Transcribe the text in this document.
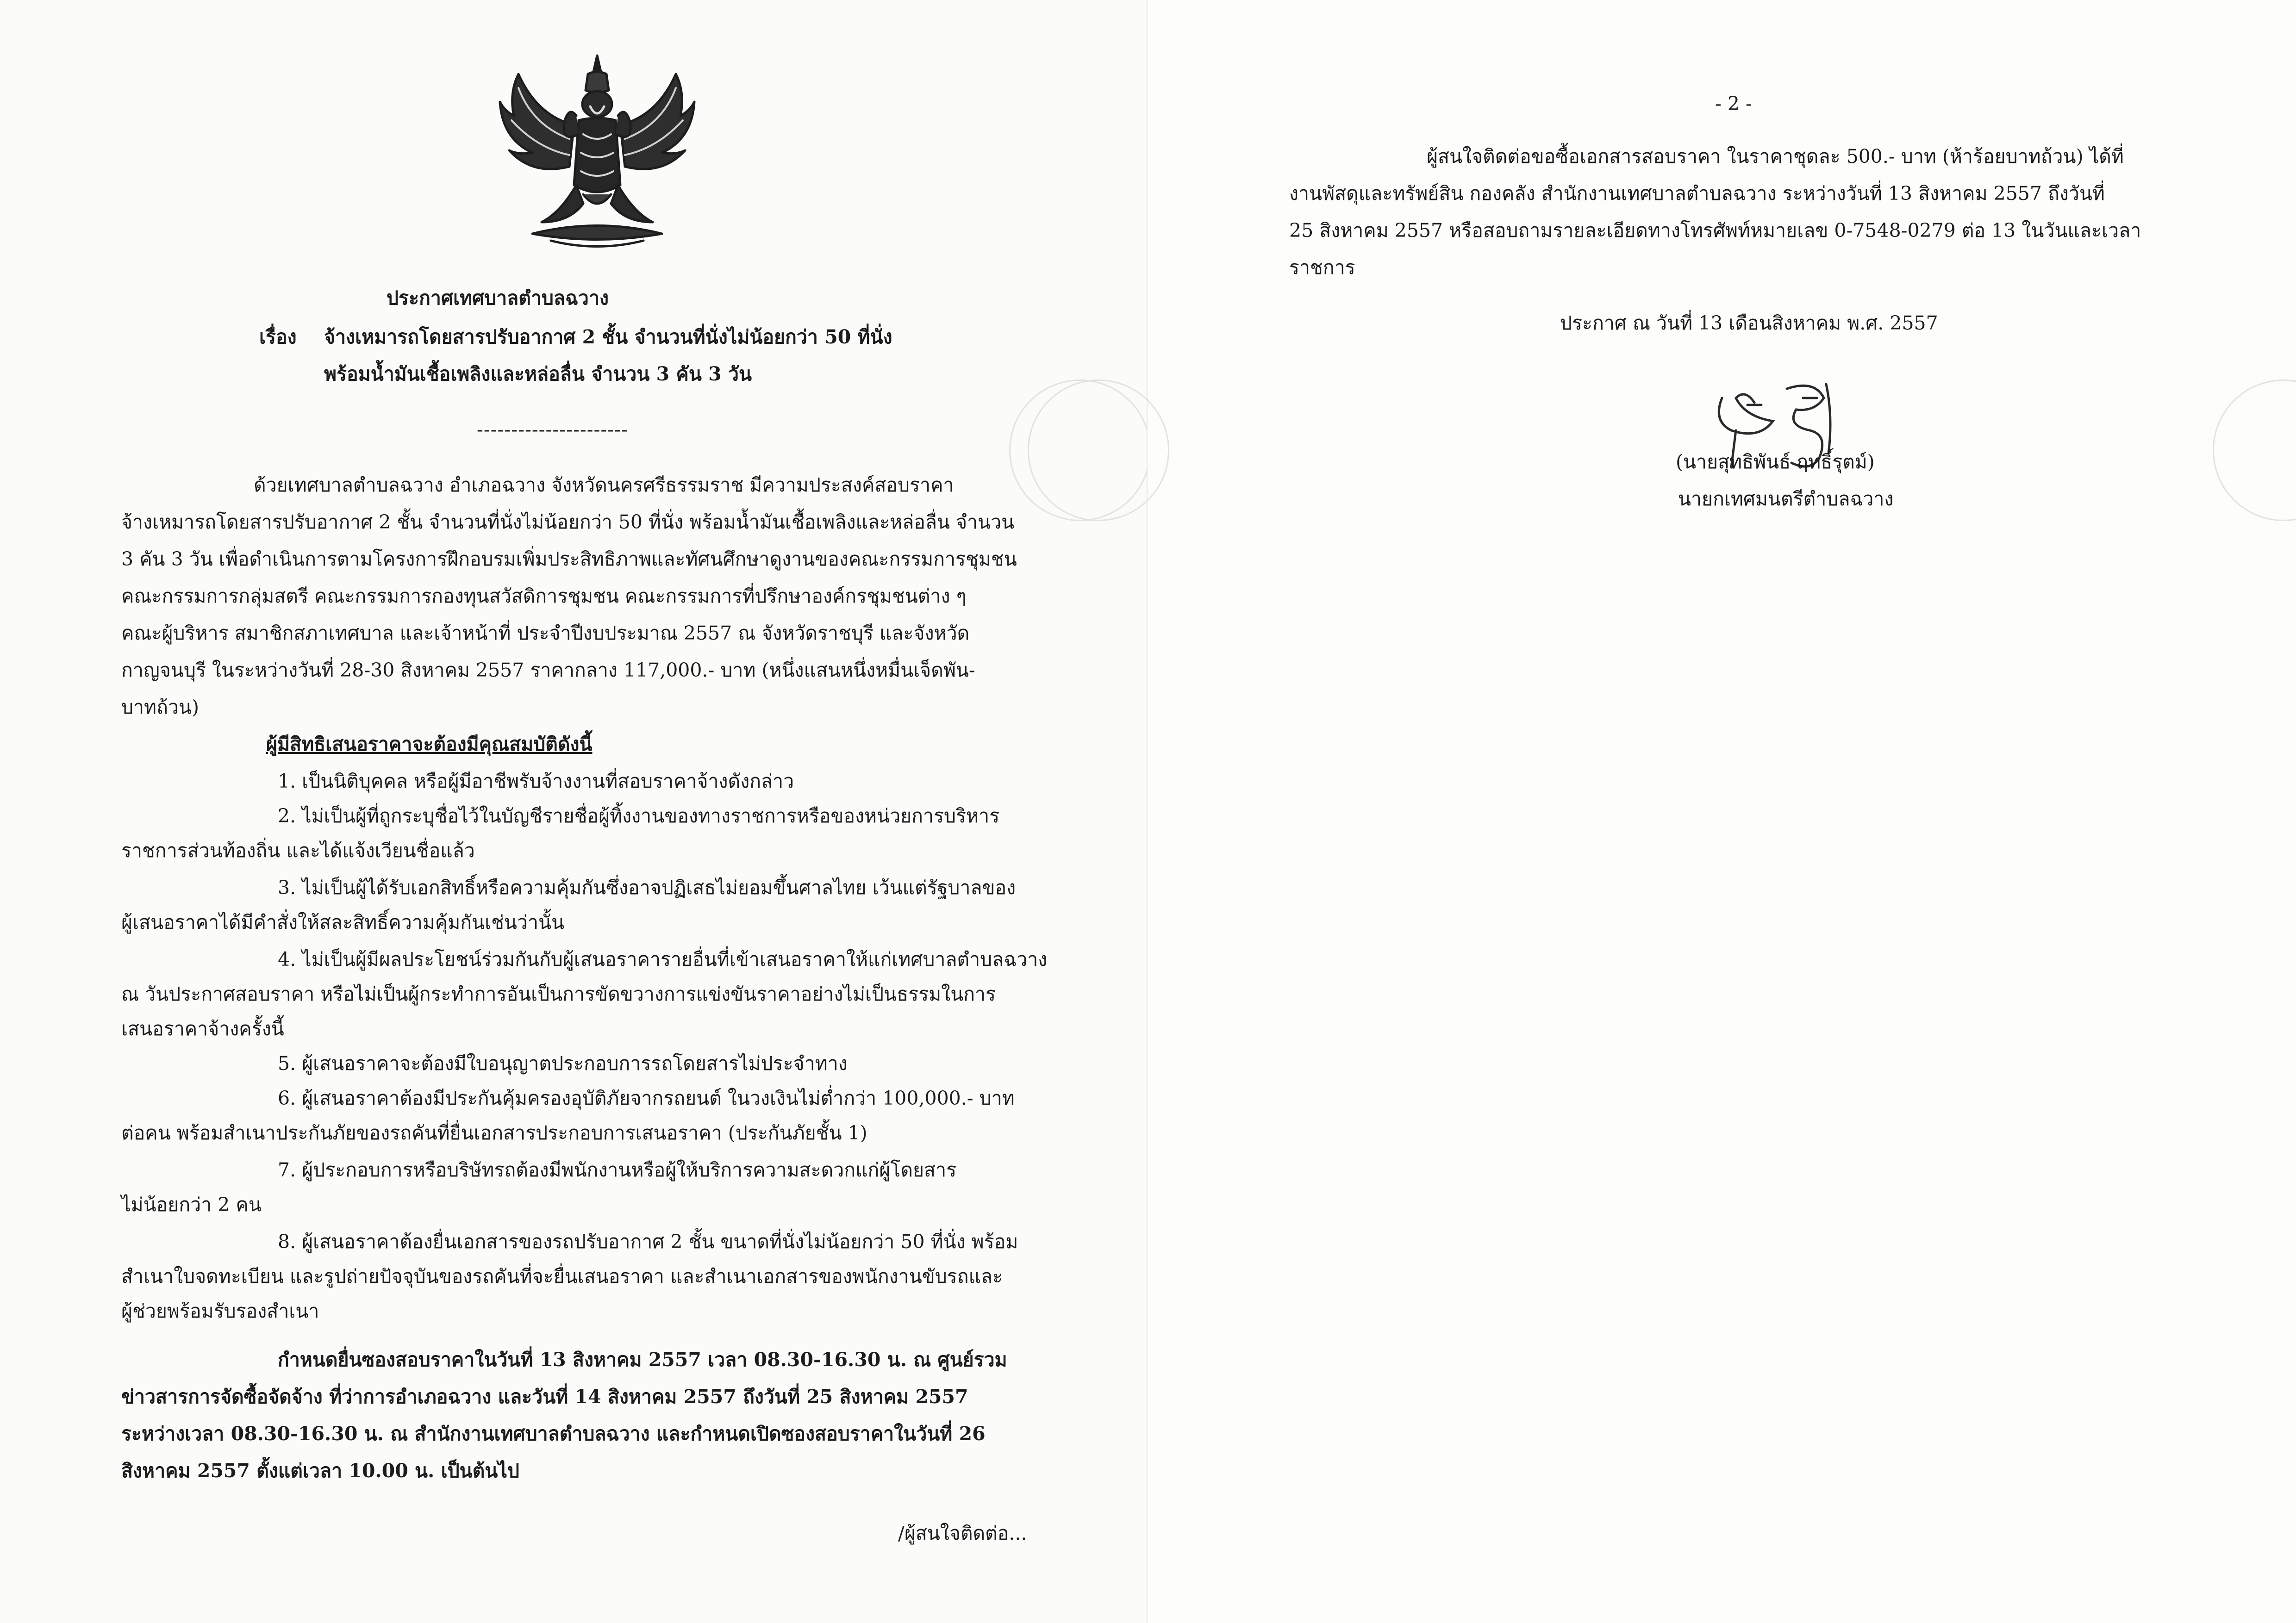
ประกาศเทศบาลตำบลฉวาง
เรื่อง จ้างเหมารถโดยสารปรับอากาศ 2 ชั้น จำนวนที่นั่งไม่น้อยกว่า 50 ที่นั่ง
พร้อมน้ำมันเชื้อเพลิงและหล่อลื่น จำนวน 3 คัน 3 วัน
----------------------
ด้วยเทศบาลตำบลฉวาง อำเภอฉวาง จังหวัดนครศรีธรรมราช มีความประสงค์สอบราคา
จ้างเหมารถโดยสารปรับอากาศ 2 ชั้น จำนวนที่นั่งไม่น้อยกว่า 50 ที่นั่ง พร้อมน้ำมันเชื้อเพลิงและหล่อลื่น จำนวน
3 คัน 3 วัน เพื่อดำเนินการตามโครงการฝึกอบรมเพิ่มประสิทธิภาพและทัศนศึกษาดูงานของคณะกรรมการชุมชน
คณะกรรมการกลุ่มสตรี คณะกรรมการกองทุนสวัสดิการชุมชน คณะกรรมการที่ปรึกษาองค์กรชุมชนต่าง ๆ
คณะผู้บริหาร สมาชิกสภาเทศบาล และเจ้าหน้าที่ ประจำปีงบประมาณ 2557 ณ จังหวัดราชบุรี และจังหวัด
กาญจนบุรี ในระหว่างวันที่ 28-30 สิงหาคม 2557 ราคากลาง 117,000.- บาท (หนึ่งแสนหนึ่งหมื่นเจ็ดพัน-
บาทถ้วน)
ผู้มีสิทธิเสนอราคาจะต้องมีคุณสมบัติดังนี้
1. เป็นนิติบุคคล หรือผู้มีอาชีพรับจ้างงานที่สอบราคาจ้างดังกล่าว
2. ไม่เป็นผู้ที่ถูกระบุชื่อไว้ในบัญชีรายชื่อผู้ทิ้งงานของทางราชการหรือของหน่วยการบริหาร
ราชการส่วนท้องถิ่น และได้แจ้งเวียนชื่อแล้ว
3. ไม่เป็นผู้ได้รับเอกสิทธิ์หรือความคุ้มกันซึ่งอาจปฏิเสธไม่ยอมขึ้นศาลไทย เว้นแต่รัฐบาลของ
ผู้เสนอราคาได้มีคำสั่งให้สละสิทธิ์ความคุ้มกันเช่นว่านั้น
4. ไม่เป็นผู้มีผลประโยชน์ร่วมกันกับผู้เสนอราคารายอื่นที่เข้าเสนอราคาให้แก่เทศบาลตำบลฉวาง
ณ วันประกาศสอบราคา หรือไม่เป็นผู้กระทำการอันเป็นการขัดขวางการแข่งขันราคาอย่างไม่เป็นธรรมในการ
เสนอราคาจ้างครั้งนี้
5. ผู้เสนอราคาจะต้องมีใบอนุญาตประกอบการรถโดยสารไม่ประจำทาง
6. ผู้เสนอราคาต้องมีประกันคุ้มครองอุบัติภัยจากรถยนต์ ในวงเงินไม่ต่ำกว่า 100,000.- บาท
ต่อคน พร้อมสำเนาประกันภัยของรถคันที่ยื่นเอกสารประกอบการเสนอราคา (ประกันภัยชั้น 1)
7. ผู้ประกอบการหรือบริษัทรถต้องมีพนักงานหรือผู้ให้บริการความสะดวกแก่ผู้โดยสาร
ไม่น้อยกว่า 2 คน
8. ผู้เสนอราคาต้องยื่นเอกสารของรถปรับอากาศ 2 ชั้น ขนาดที่นั่งไม่น้อยกว่า 50 ที่นั่ง พร้อม
สำเนาใบจดทะเบียน และรูปถ่ายปัจจุบันของรถคันที่จะยื่นเสนอราคา และสำเนาเอกสารของพนักงานขับรถและ
ผู้ช่วยพร้อมรับรองสำเนา
กำหนดยื่นซองสอบราคาในวันที่ 13 สิงหาคม 2557 เวลา 08.30-16.30 น. ณ ศูนย์รวม
ข่าวสารการจัดซื้อจัดจ้าง ที่ว่าการอำเภอฉวาง และวันที่ 14 สิงหาคม 2557 ถึงวันที่ 25 สิงหาคม 2557
ระหว่างเวลา 08.30-16.30 น. ณ สำนักงานเทศบาลตำบลฉวาง และกำหนดเปิดซองสอบราคาในวันที่ 26
สิงหาคม 2557 ตั้งแต่เวลา 10.00 น. เป็นต้นไป
/ผู้สนใจติดต่อ...
- 2 -
ผู้สนใจติดต่อขอซื้อเอกสารสอบราคา ในราคาชุดละ 500.- บาท (ห้าร้อยบาทถ้วน) ได้ที่
งานพัสดุและทรัพย์สิน กองคลัง สำนักงานเทศบาลตำบลฉวาง ระหว่างวันที่ 13 สิงหาคม 2557 ถึงวันที่
25 สิงหาคม 2557 หรือสอบถามรายละเอียดทางโทรศัพท์หมายเลข 0-7548-0279 ต่อ 13 ในวันและเวลา
ราชการ
ประกาศ ณ วันที่ 13 เดือนสิงหาคม พ.ศ. 2557
(นายสุทธิพันธ์ ฤทธิ์รุตม์)
นายกเทศมนตรีตำบลฉวาง
